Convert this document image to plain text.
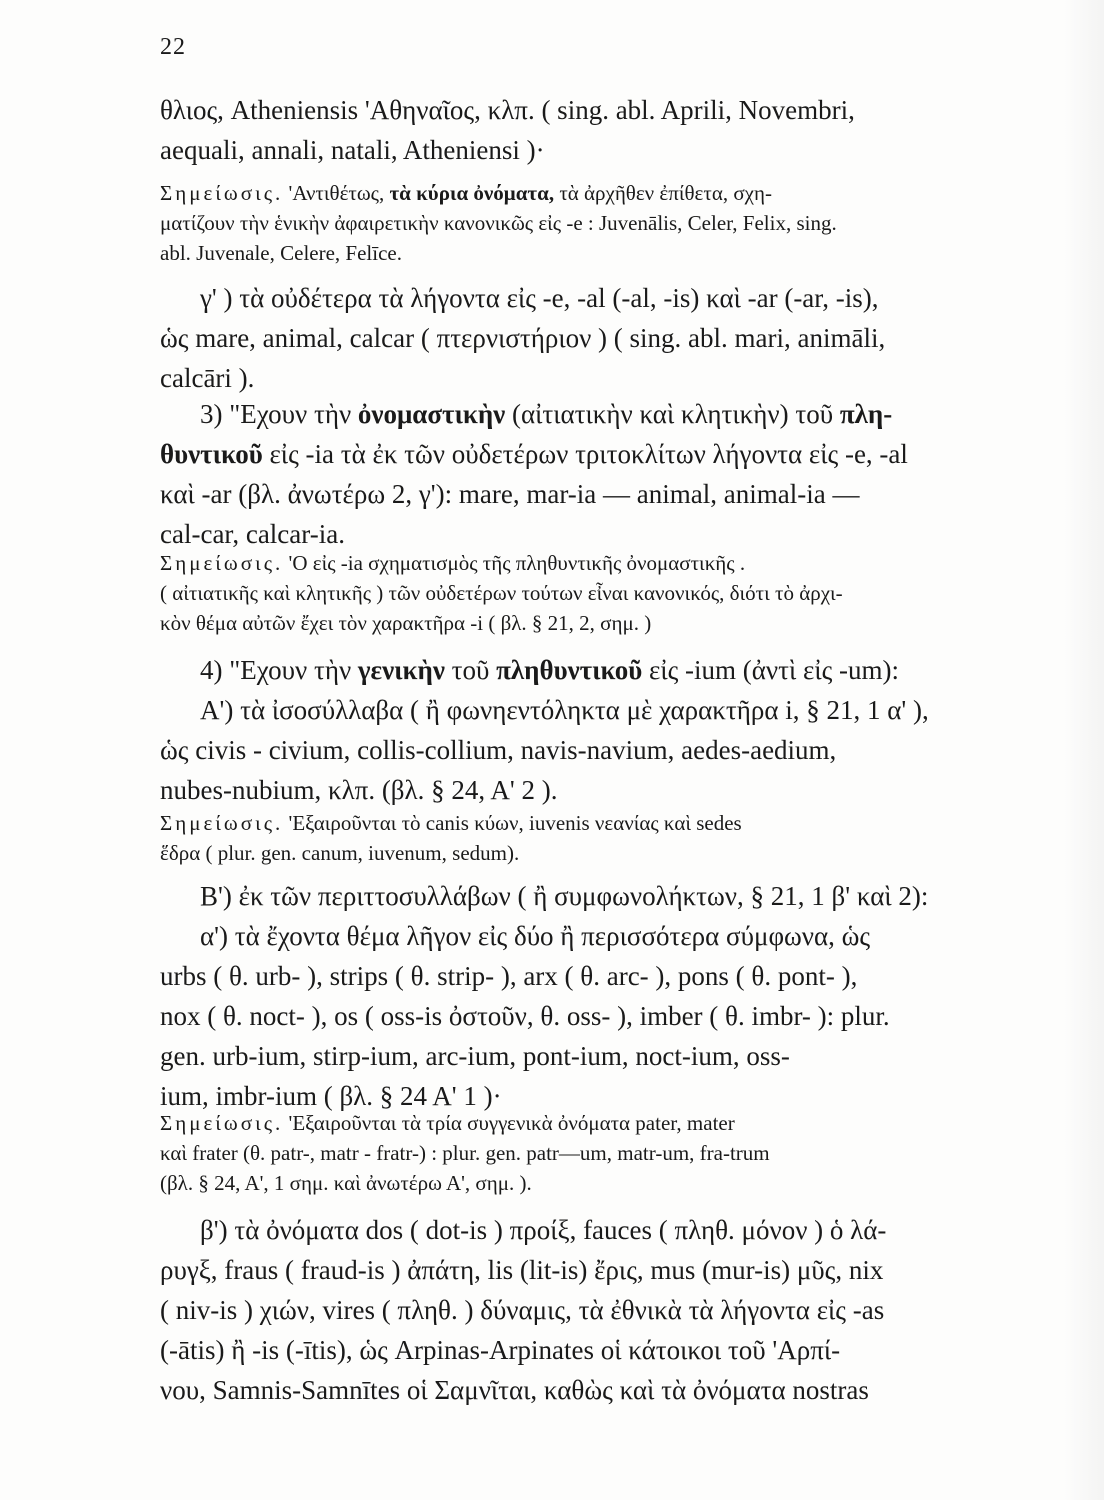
22
θλιος, Atheniensis 'Αθηναῖος, κλπ. ( sing. abl. Aprili, Novembri,
aequali, annali, natali, Atheniensi )·
Σημείωσις. 'Αντιθέτως, τὰ κύρια ὀνόματα, τὰ ἀρχῆθεν ἐπίθετα, σχη-
ματίζουν τὴν ἑνικὴν ἀφαιρετικὴν κανονικῶς εἰς -e : Juvenālis, Celer, Felix, sing.
abl. Juvenale, Celere, Felīce.
γ' ) τὰ οὐδέτερα τὰ λήγοντα εἰς -e, -al (-al, -is) καὶ -ar (-ar, -is),
ὡς mare, animal, calcar ( πτερνιστήριον ) ( sing. abl. mari, animāli,
calcāri ).
3) "Εχουν τὴν ὀνομαστικὴν (αἰτιατικὴν καὶ κλητικὴν) τοῦ πλη-
θυντικοῦ εἰς -ia τὰ ἐκ τῶν οὐδετέρων τριτοκλίτων λήγοντα εἰς -e, -al
καὶ -ar (βλ. ἀνωτέρω 2, γ'): mare, mar-ia — animal, animal-ia —
cal-car, calcar-ia.
Σημείωσις. 'Ο εἰς -ia σχηματισμὸς τῆς πληθυντικῆς ὀνομαστικῆς .
( αἰτιατικῆς καὶ κλητικῆς ) τῶν οὐδετέρων τούτων εἶναι κανονικός, διότι τὸ ἀρχι-
κὸν θέμα αὐτῶν ἔχει τὸν χαρακτῆρα -i ( βλ. § 21, 2, σημ. )
4) "Εχουν τὴν γενικὴν τοῦ πληθυντικοῦ εἰς -ium (ἀντὶ εἰς -um):
Α') τὰ ἰσοσύλλαβα ( ἢ φωνηεντόληκτα μὲ χαρακτῆρα i, § 21, 1 α' ),
ὡς civis - civium, collis-collium, navis-navium, aedes-aedium,
nubes-nubium, κλπ. (βλ. § 24, Α' 2 ).
Σημείωσις. 'Εξαιροῦνται τὸ canis κύων, iuvenis νεανίας καὶ sedes
ἕδρα ( plur. gen. canum, iuvenum, sedum).
Β') ἐκ τῶν περιττοσυλλάβων ( ἢ συμφωνολήκτων, § 21, 1 β' καὶ 2):
α') τὰ ἔχοντα θέμα λῆγον εἰς δύο ἢ περισσότερα σύμφωνα, ὡς
urbs ( θ. urb- ), strips ( θ. strip- ), arx ( θ. arc- ), pons ( θ. pont- ),
nox ( θ. noct- ), os ( oss-is ὀστοῦν, θ. oss- ), imber ( θ. imbr- ): plur.
gen. urb-ium, stirp-ium, arc-ium, pont-ium, noct-ium, oss-
ium, imbr-ium ( βλ. § 24 Α' 1 )·
Σημείωσις. 'Εξαιροῦνται τὰ τρία συγγενικὰ ὀνόματα pater, mater
καὶ frater (θ. patr-, matr - fratr-) : plur. gen. patr—um, matr-um, fra-trum
(βλ. § 24, Α', 1 σημ. καὶ ἀνωτέρω Α', σημ. ).
β') τὰ ὀνόματα dos ( dot-is ) προίξ, fauces ( πληθ. μόνον ) ὁ λά-
ρυγξ, fraus ( fraud-is ) ἀπάτη, lis (lit-is) ἔρις, mus (mur-is) μῦς, nix
( niv-is ) χιών, vires ( πληθ. ) δύναμις, τὰ ἐθνικὰ τὰ λήγοντα εἰς -as
(-ātis) ἢ -is (-ītis), ὡς Arpinas-Arpinates οἱ κάτοικοι τοῦ 'Αρπί-
νου, Samnis-Samnītes οἱ Σαμνῖται, καθὼς καὶ τὰ ὀνόματα nostras
